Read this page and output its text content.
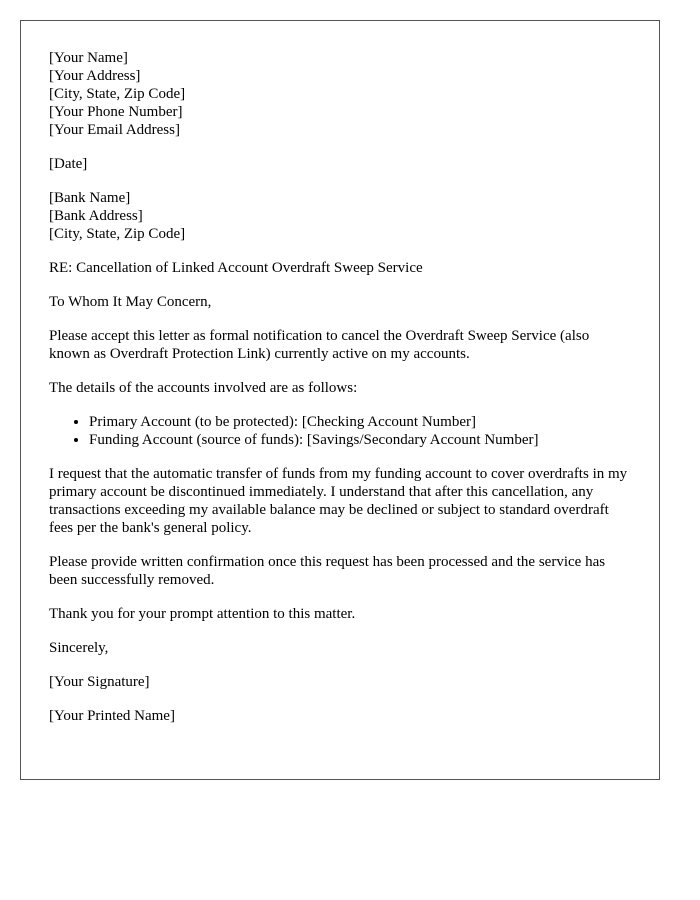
[Your Name]
[Your Address]
[City, State, Zip Code]
[Your Phone Number]
[Your Email Address]

[Date]

[Bank Name]
[Bank Address]
[City, State, Zip Code]

RE: Cancellation of Linked Account Overdraft Sweep Service

To Whom It May Concern,

Please accept this letter as formal notification to cancel the Overdraft Sweep Service (also known as Overdraft Protection Link) currently active on my accounts.

The details of the accounts involved are as follows:

• Primary Account (to be protected): [Checking Account Number]
• Funding Account (source of funds): [Savings/Secondary Account Number]

I request that the automatic transfer of funds from my funding account to cover overdrafts in my primary account be discontinued immediately. I understand that after this cancellation, any transactions exceeding my available balance may be declined or subject to standard overdraft fees per the bank's general policy.

Please provide written confirmation once this request has been processed and the service has been successfully removed.

Thank you for your prompt attention to this matter.

Sincerely,

[Your Signature]

[Your Printed Name]
